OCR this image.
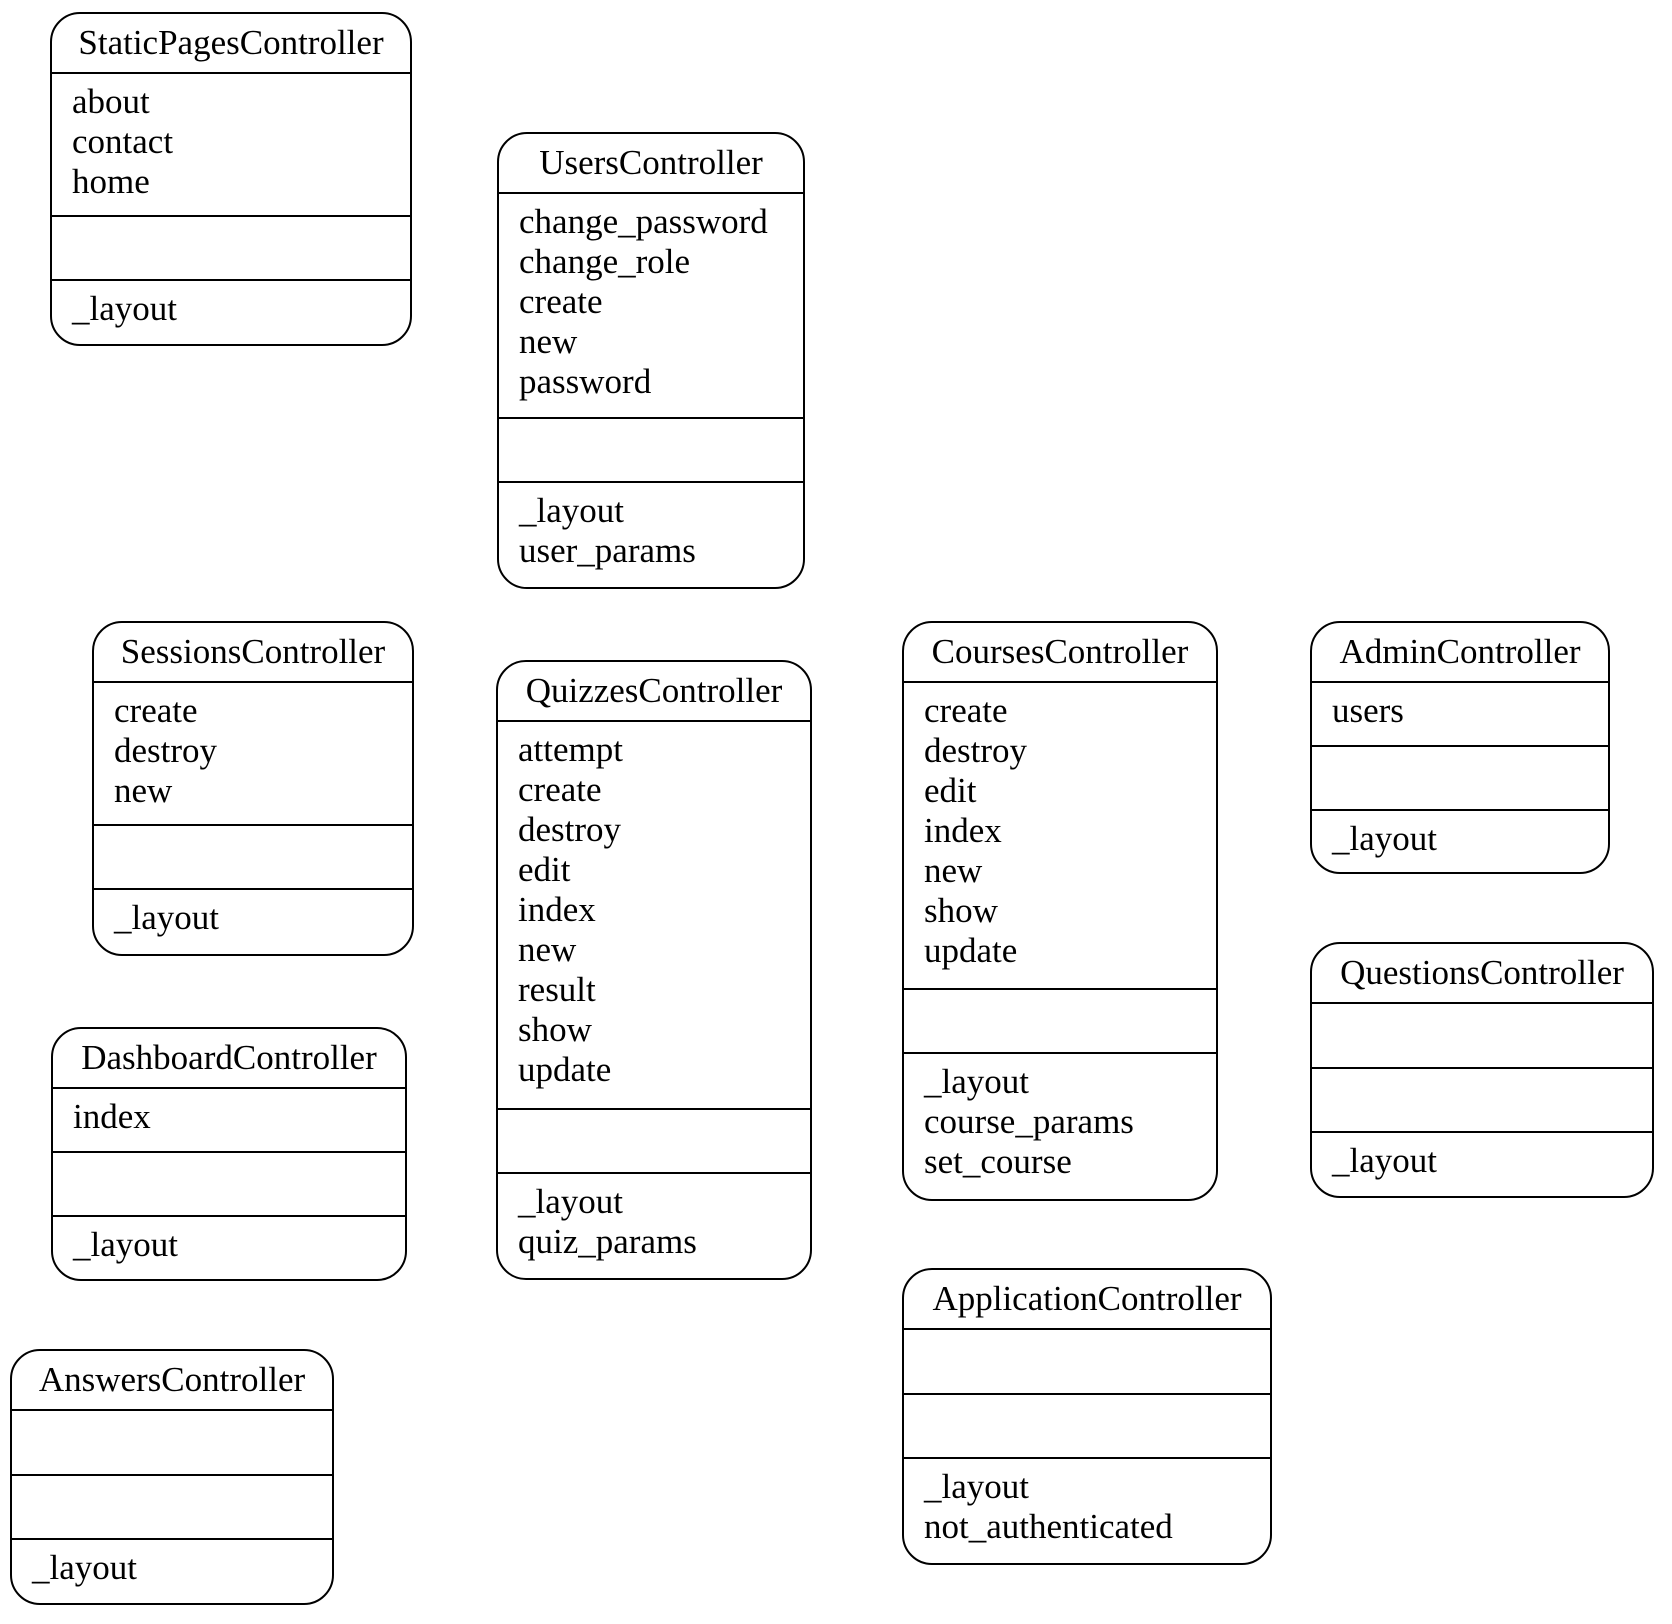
StaticPagesController
about
contact
home
_layout
UsersController
change_password
change_role
create
new
password
_layout
user_params
SessionsController
create
destroy
new
_layout
QuizzesController
attempt
create
destroy
edit
index
new
result
show
update
_layout
quiz_params
CoursesController
create
destroy
edit
index
new
show
update
_layout
course_params
set_course
AdminController
users
_layout
DashboardController
index
_layout
QuestionsController
_layout
ApplicationController
_layout
not_authenticated
AnswersController
_layout
